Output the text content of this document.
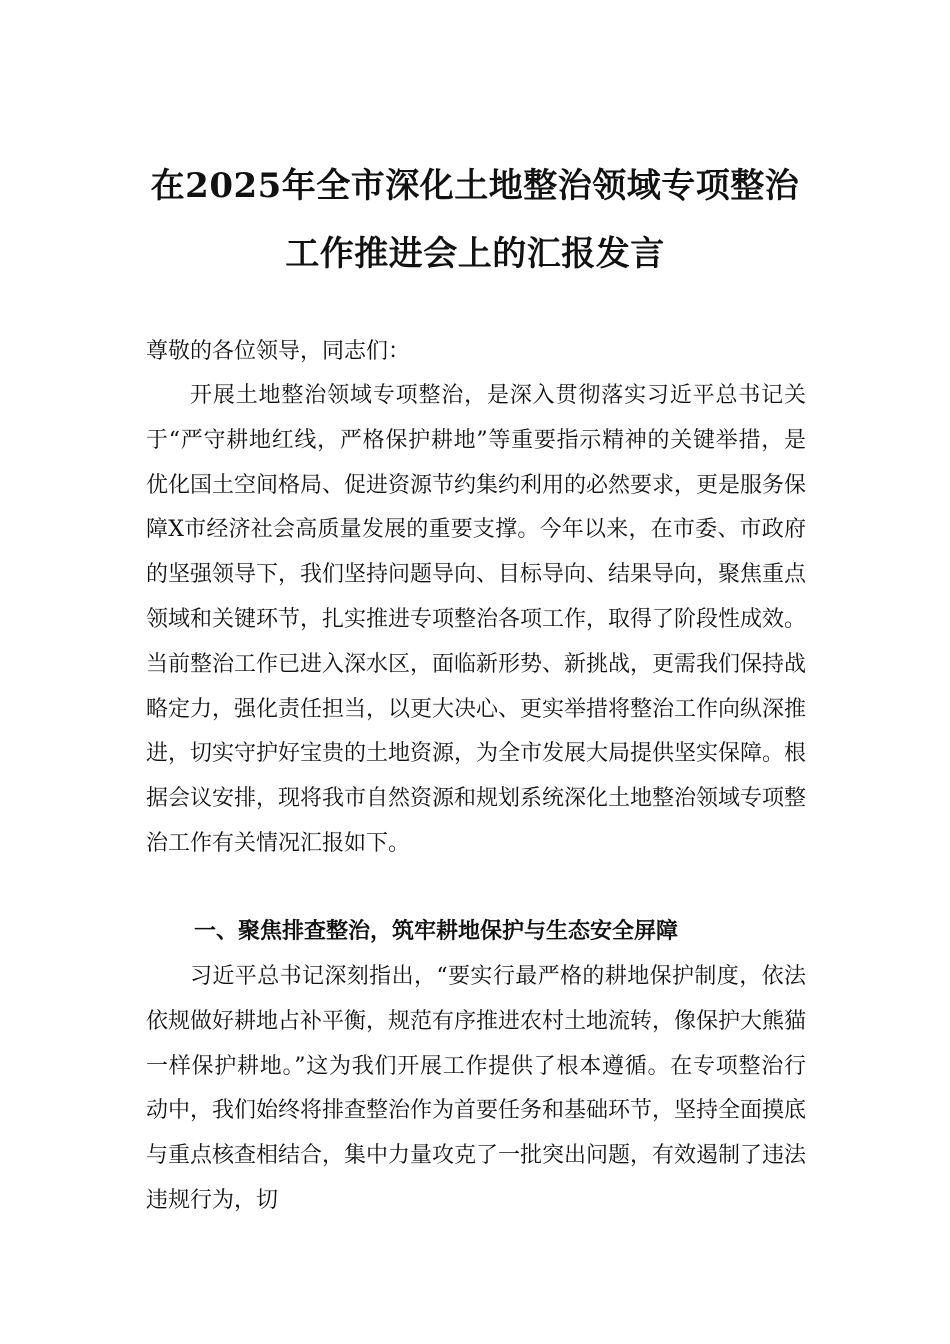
在2025年全市深化土地整治领域专项整治
工作推进会上的汇报发言
尊敬的各位领导，同志们：

开展土地整治领域专项整治，是深入贯彻落实习近平总书记关于“严守耕地红线，严格保护耕地”等重要指示精神的关键举措，是优化国土空间格局、促进资源节约集约利用的必然要求，更是服务保障X市经济社会高质量发展的重要支撑。今年以来，在市委、市政府的坚强领导下，我们坚持问题导向、目标导向、结果导向，聚焦重点领域和关键环节，扎实推进专项整治各项工作，取得了阶段性成效。当前整治工作已进入深水区，面临新形势、新挑战，更需我们保持战略定力，强化责任担当，以更大决心、更实举措将整治工作向纵深推进，切实守护好宝贵的土地资源，为全市发展大局提供坚实保障。根据会议安排，现将我市自然资源和规划系统深化土地整治领域专项整治工作有关情况汇报如下。

一、聚焦排查整治，筑牢耕地保护与生态安全屏障

习近平总书记深刻指出，“要实行最严格的耕地保护制度，依法依规做好耕地占补平衡，规范有序推进农村土地流转，像保护大熊猫一样保护耕地。”这为我们开展工作提供了根本遵循。在专项整治行动中，我们始终将排查整治作为首要任务和基础环节，坚持全面摸底与重点核查相结合，集中力量攻克了一批突出问题，有效遏制了违法违规行为，切
